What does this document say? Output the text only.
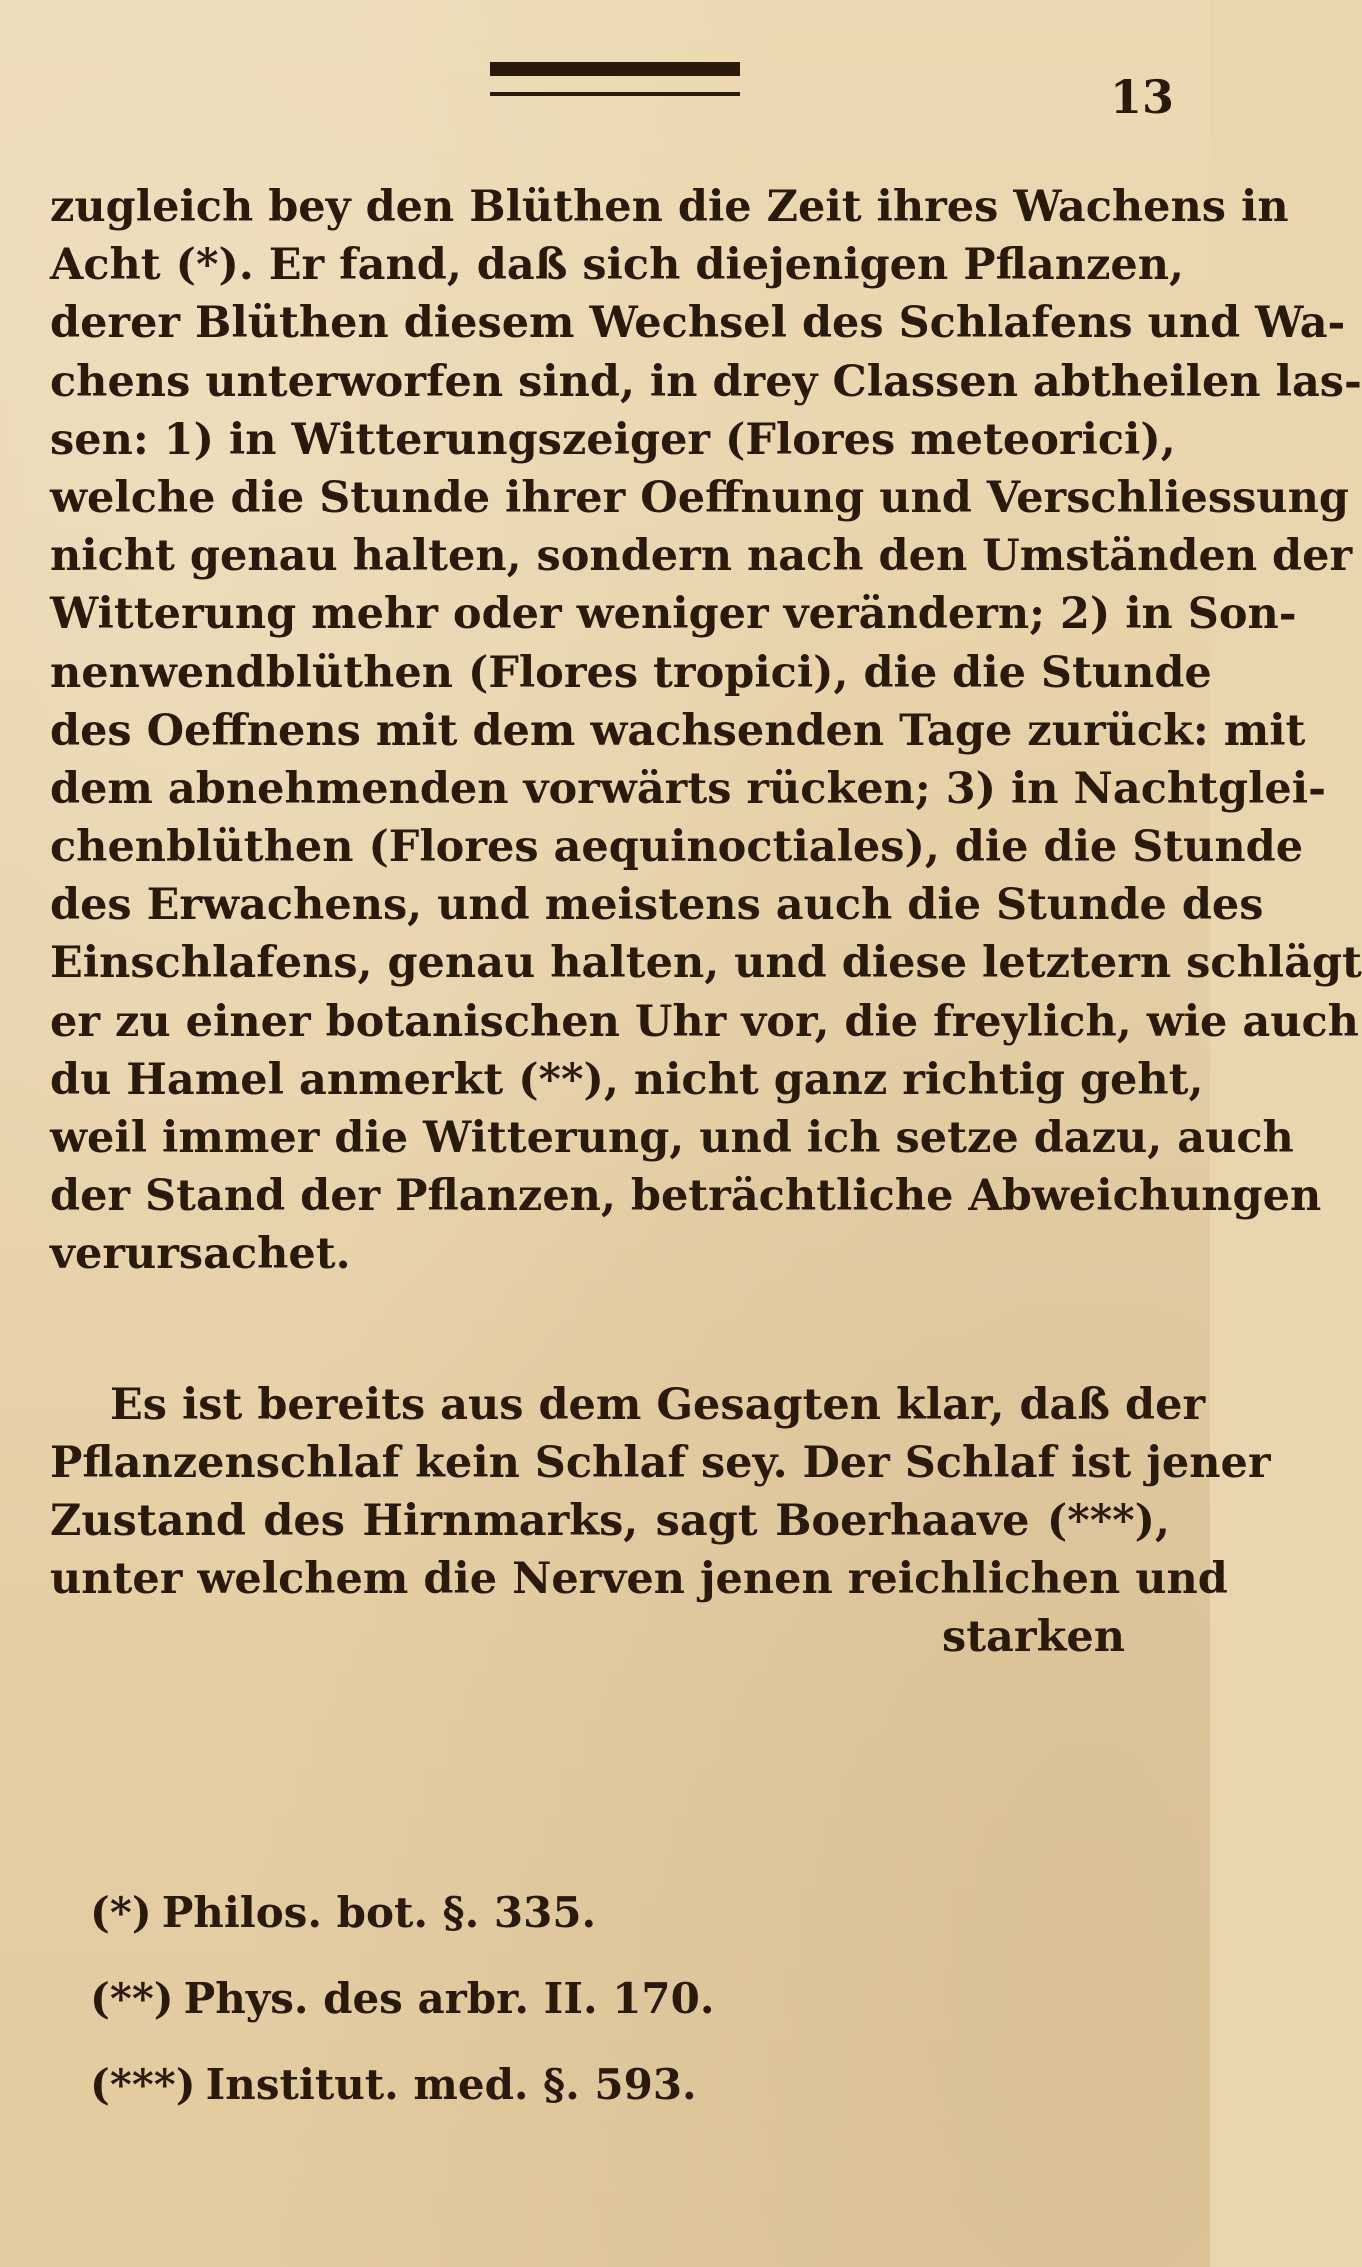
13
zugleich bey den Blüthen die Zeit ihres Wachens in
Acht (*). Er fand, daß sich diejenigen Pflanzen,
derer Blüthen diesem Wechsel des Schlafens und Wa-
chens unterworfen sind, in drey Classen abtheilen las-
sen: 1) in Witterungszeiger (Flores meteorici),
welche die Stunde ihrer Oeffnung und Verschliessung
nicht genau halten, sondern nach den Umständen der
Witterung mehr oder weniger verändern; 2) in Son-
nenwendblüthen (Flores tropici), die die Stunde
des Oeffnens mit dem wachsenden Tage zurück: mit
dem abnehmenden vorwärts rücken; 3) in Nachtglei-
chenblüthen (Flores aequinoctiales), die die Stunde
des Erwachens, und meistens auch die Stunde des
Einschlafens, genau halten, und diese letztern schlägt
er zu einer botanischen Uhr vor, die freylich, wie auch
du Hamel anmerkt (**), nicht ganz richtig geht,
weil immer die Witterung, und ich setze dazu, auch
der Stand der Pflanzen, beträchtliche Abweichungen
verursachet.
Es ist bereits aus dem Gesagten klar, daß der
Pflanzenschlaf kein Schlaf sey. Der Schlaf ist jener
Zustand des Hirnmarks, sagt Boerhaave (***),
unter welchem die Nerven jenen reichlichen und
starken
(*) Philos. bot. §. 335.
(**) Phys. des arbr. II. 170.
(***) Institut. med. §. 593.
